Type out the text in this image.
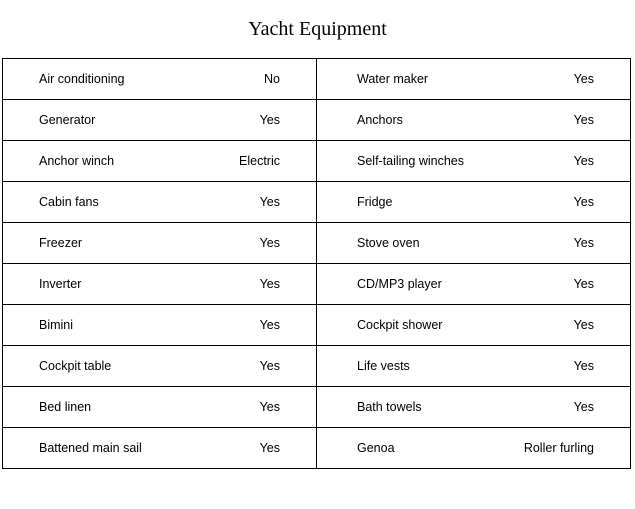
Yacht Equipment
Air conditioning No	Water maker Yes

Generator Yes	Anchors Yes

Anchor winch Electric	Self-tailing winches Yes

Cabin fans Yes	Fridge Yes

Freezer Yes	Stove oven Yes

Inverter Yes	CD/MP3 player Yes

Bimini Yes	Cockpit shower Yes

Cockpit table Yes	Life vests Yes

Bed linen Yes	Bath towels Yes

Battened main sail Yes	Genoa Roller furling
